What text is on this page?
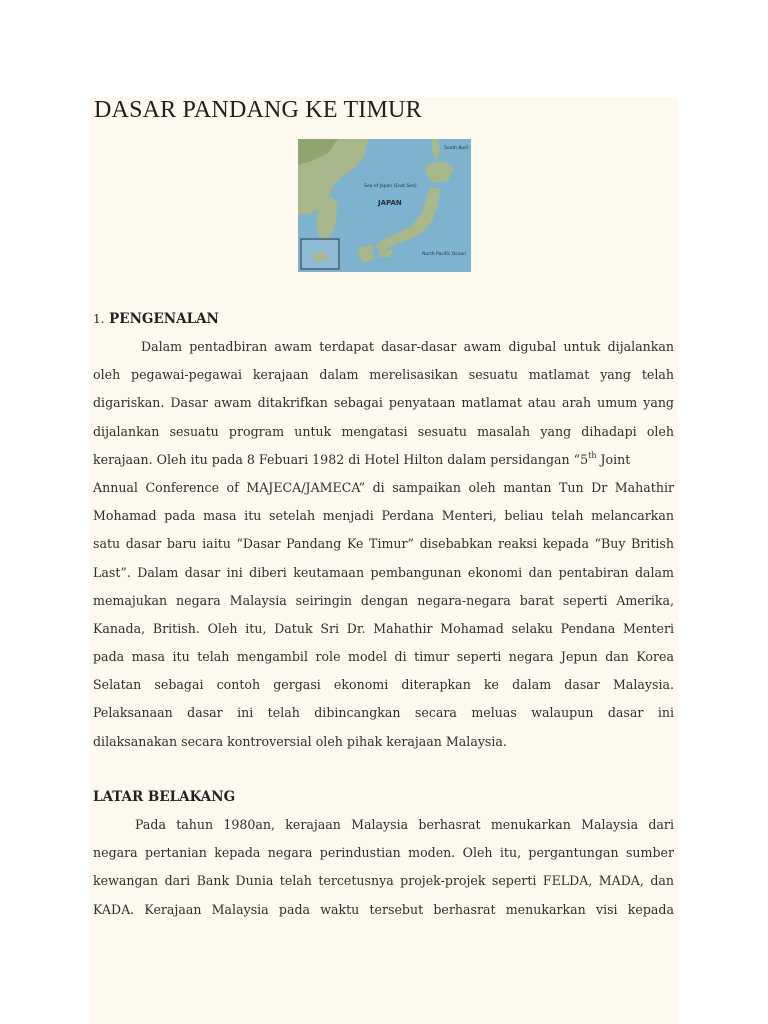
DASAR PANDANG KE TIMUR
JAPAN
Sea of Japan (East Sea)
North Pacific Ocean
South Kuril
1. PENGENALAN
Dalam pentadbiran awam terdapat dasar-dasar awam digubal untuk dijalankan
oleh pegawai-pegawai kerajaan dalam merelisasikan sesuatu matlamat yang telah
digariskan. Dasar awam ditakrifkan sebagai penyataan matlamat atau arah umum yang
dijalankan sesuatu program untuk mengatasi sesuatu masalah yang dihadapi oleh
kerajaan. Oleh itu pada 8 Febuari 1982 di Hotel Hilton dalam persidangan “5th Joint
Annual Conference of MAJECA/JAMECA” di sampaikan oleh mantan Tun Dr Mahathir
Mohamad pada masa itu setelah menjadi Perdana Menteri, beliau telah melancarkan
satu dasar baru iaitu “Dasar Pandang Ke Timur” disebabkan reaksi kepada “Buy British
Last”. Dalam dasar ini diberi keutamaan pembangunan ekonomi dan pentabiran dalam
memajukan negara Malaysia seiringin dengan negara-negara barat seperti Amerika,
Kanada, British. Oleh itu, Datuk Sri Dr. Mahathir Mohamad selaku Pendana Menteri
pada masa itu telah mengambil role model di timur seperti negara Jepun dan Korea
Selatan sebagai contoh gergasi ekonomi diterapkan ke dalam dasar Malaysia.
Pelaksanaan dasar ini telah dibincangkan secara meluas walaupun dasar ini
dilaksanakan secara kontroversial oleh pihak kerajaan Malaysia.
LATAR BELAKANG
Pada tahun 1980an, kerajaan Malaysia berhasrat menukarkan Malaysia dari
negara pertanian kepada negara perindustian moden. Oleh itu, pergantungan sumber
kewangan dari Bank Dunia telah tercetusnya projek-projek seperti FELDA, MADA, dan
KADA. Kerajaan Malaysia pada waktu tersebut berhasrat menukarkan visi kepada
